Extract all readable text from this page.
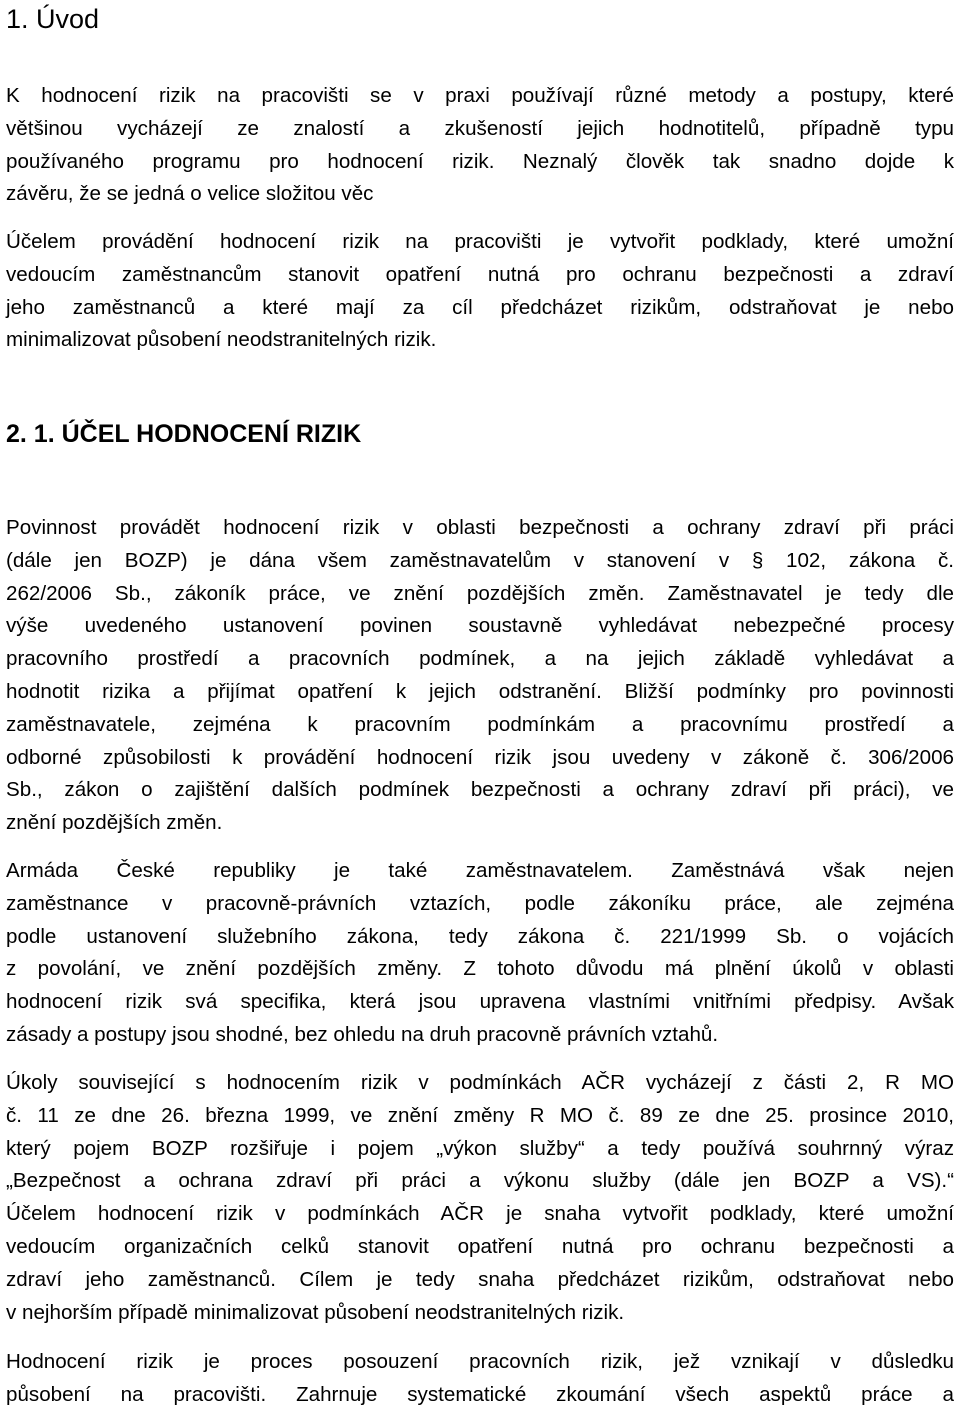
1. Úvod
K hodnocení rizik na pracovišti se v praxi používají různé metody a postupy, které
většinou vycházejí ze znalostí a zkušeností jejich hodnotitelů, případně typu
používaného programu pro hodnocení rizik. Neznalý člověk tak snadno dojde k
závěru, že se jedná o velice složitou věc
Účelem provádění hodnocení rizik na pracovišti je vytvořit podklady, které umožní
vedoucím zaměstnancům stanovit opatření nutná pro ochranu bezpečnosti a zdraví
jeho zaměstnanců a které mají za cíl předcházet rizikům, odstraňovat je nebo
minimalizovat působení neodstranitelných rizik.
2. 1. ÚČEL HODNOCENÍ RIZIK
Povinnost provádět hodnocení rizik v oblasti bezpečnosti a ochrany zdraví při práci
(dále jen BOZP) je dána všem zaměstnavatelům v stanovení v § 102, zákona č.
262/2006 Sb., zákoník práce, ve znění pozdějších změn. Zaměstnavatel je tedy dle
výše uvedeného ustanovení povinen soustavně vyhledávat nebezpečné procesy
pracovního prostředí a pracovních podmínek, a na jejich základě vyhledávat a
hodnotit rizika a přijímat opatření k jejich odstranění. Bližší podmínky pro povinnosti
zaměstnavatele, zejména k pracovním podmínkám a pracovnímu prostředí a
odborné způsobilosti k provádění hodnocení rizik jsou uvedeny v zákoně č. 306/2006
Sb., zákon o zajištění dalších podmínek bezpečnosti a ochrany zdraví při práci), ve
znění pozdějších změn.
Armáda České republiky je také zaměstnavatelem. Zaměstnává však nejen
zaměstnance v pracovně-právních vztazích, podle zákoníku práce, ale zejména
podle ustanovení služebního zákona, tedy zákona č. 221/1999 Sb. o vojácích
z povolání, ve znění pozdějších změny. Z tohoto důvodu má plnění úkolů v oblasti
hodnocení rizik svá specifika, která jsou upravena vlastními vnitřními předpisy. Avšak
zásady a postupy jsou shodné, bez ohledu na druh pracovně právních vztahů.
Úkoly související s hodnocením rizik v podmínkách AČR vycházejí z části 2, R MO
č. 11 ze dne 26. března 1999, ve znění změny R MO č. 89 ze dne 25. prosince 2010,
který pojem BOZP rozšiřuje i pojem „výkon služby“ a tedy používá souhrnný výraz
„Bezpečnost a ochrana zdraví při práci a výkonu služby (dále jen BOZP a VS).“
Účelem hodnocení rizik v podmínkách AČR je snaha vytvořit podklady, které umožní
vedoucím organizačních celků stanovit opatření nutná pro ochranu bezpečnosti a
zdraví jeho zaměstnanců. Cílem je tedy snaha předcházet rizikům, odstraňovat nebo
v nejhorším případě minimalizovat působení neodstranitelných rizik.
Hodnocení rizik je proces posouzení pracovních rizik, jež vznikají v důsledku
působení na pracovišti. Zahrnuje systematické zkoumání všech aspektů práce a
